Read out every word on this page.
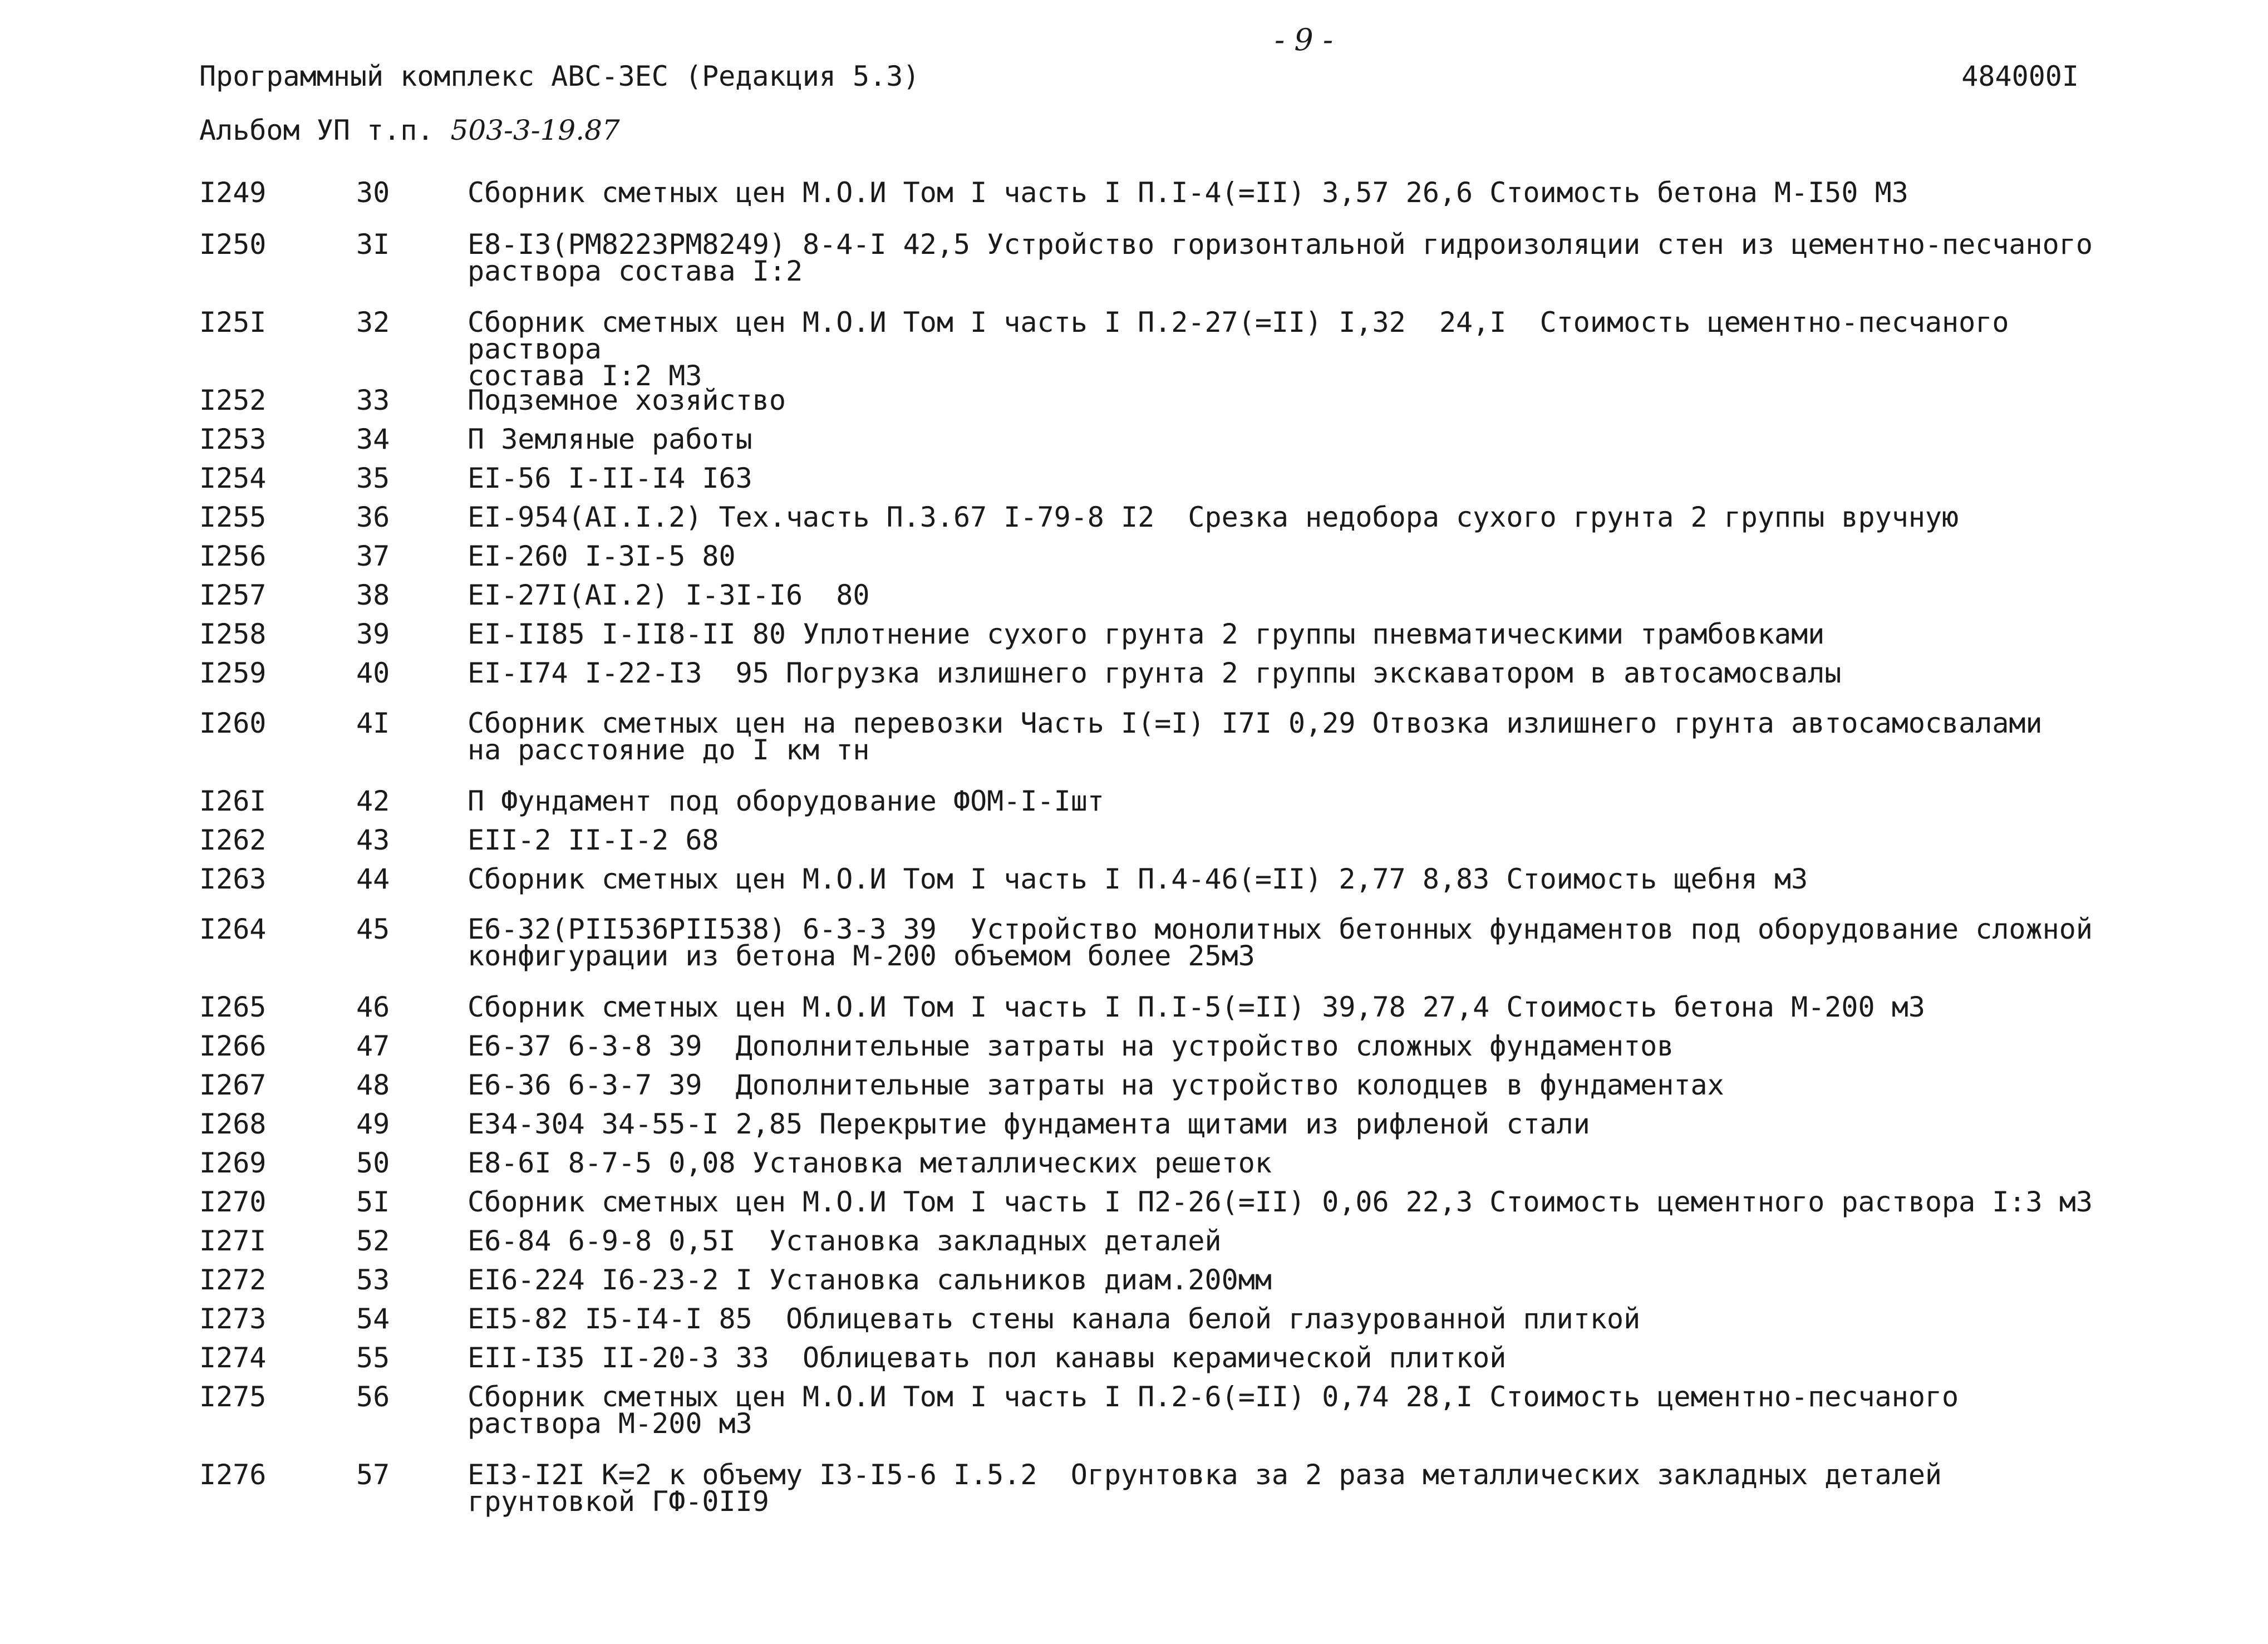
- 9 -
Программный комплекс АВС-ЗЕС (Редакция 5.3)	484000I
Альбом УП т.п. 503-3-19.87
I249	30	Сборник сметных цен М.О.И Том I часть I П.I-4(=II) 3,57 26,6 Стоимость бетона М-I50 М3
I250	3I	Е8-I3(РМ8223РМ8249) 8-4-I 42,5 Устройство горизонтальной гидроизоляции стен из цементно-песчаного
раствора состава I:2
I25I	32	Сборник сметных цен М.О.И Том I часть I П.2-27(=II) I,32  24,I  Стоимость цементно-песчаного раствора
состава I:2 М3
I252	33	Подземное хозяйство
I253	34	П Земляные работы
I254	35	ЕI-56 I-II-I4 I63
I255	36	ЕI-954(АI.I.2) Тех.часть П.3.67 I-79-8 I2  Срезка недобора сухого грунта 2 группы вручную
I256	37	ЕI-260 I-3I-5 80
I257	38	ЕI-27I(АI.2) I-3I-I6  80
I258	39	ЕI-II85 I-II8-II 80 Уплотнение сухого грунта 2 группы пневматическими трамбовками
I259	40	ЕI-I74 I-22-I3  95 Погрузка излишнего грунта 2 группы экскаватором в автосамосвалы
I260	4I	Сборник сметных цен на перевозки Часть I(=I) I7I 0,29 Отвозка излишнего грунта автосамосвалами
на расстояние до I км тн
I26I	42	П Фундамент под оборудование ФОМ-I-Iшт
I262	43	ЕII-2 II-I-2 68
I263	44	Сборник сметных цен М.О.И Том I часть I П.4-46(=II) 2,77 8,83 Стоимость щебня м3
I264	45	Е6-32(РII536РII538) 6-3-3 39  Устройство монолитных бетонных фундаментов под оборудование сложной
конфигурации из бетона М-200 объемом более 25м3
I265	46	Сборник сметных цен М.О.И Том I часть I П.I-5(=II) 39,78 27,4 Стоимость бетона М-200 м3
I266	47	Е6-37 6-3-8 39  Дополнительные затраты на устройство сложных фундаментов
I267	48	Е6-36 6-3-7 39  Дополнительные затраты на устройство колодцев в фундаментах
I268	49	Е34-304 34-55-I 2,85 Перекрытие фундамента щитами из рифленой стали
I269	50	Е8-6I 8-7-5 0,08 Установка металлических решеток
I270	5I	Сборник сметных цен М.О.И Том I часть I П2-26(=II) 0,06 22,3 Стоимость цементного раствора I:3 м3
I27I	52	Е6-84 6-9-8 0,5I  Установка закладных деталей
I272	53	ЕI6-224 I6-23-2 I Установка сальников диам.200мм
I273	54	ЕI5-82 I5-I4-I 85  Облицевать стены канала белой глазурованной плиткой
I274	55	ЕII-I35 II-20-3 33  Облицевать пол канавы керамической плиткой
I275	56	Сборник сметных цен М.О.И Том I часть I П.2-6(=II) 0,74 28,I Стоимость цементно-песчаного
раствора М-200 м3
I276	57	ЕI3-I2I К=2 к объему I3-I5-6 I.5.2  Огрунтовка за 2 раза металлических закладных деталей
грунтовкой ГФ-0II9
